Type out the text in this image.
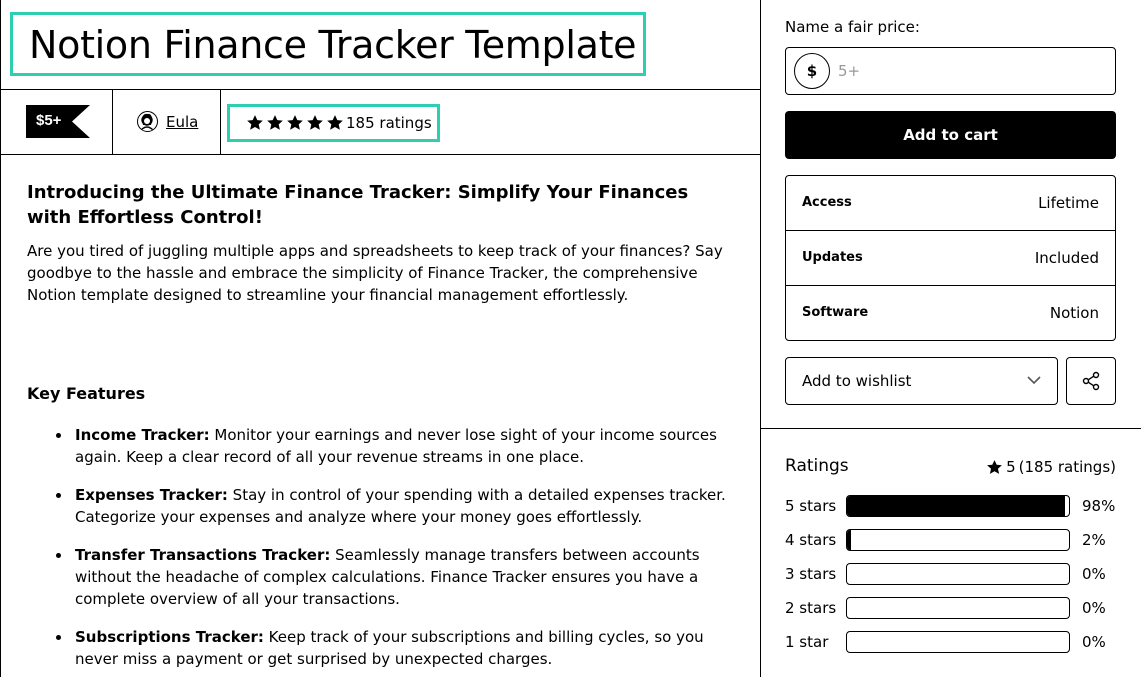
Notion Finance Tracker Template
$5+	Eula	185 ratings
Introducing the Ultimate Finance Tracker: Simplify Your Finances with Effortless Control!

Are you tired of juggling multiple apps and spreadsheets to keep track of your finances? Say goodbye to the hassle and embrace the simplicity of Finance Tracker, the comprehensive Notion template designed to streamline your financial management effortlessly.

Key Features
Income Tracker: Monitor your earnings and never lose sight of your income sources again. Keep a clear record of all your revenue streams in one place.
Expenses Tracker: Stay in control of your spending with a detailed expenses tracker. Categorize your expenses and analyze where your money goes effortlessly.
Transfer Transactions Tracker: Seamlessly manage transfers between accounts without the headache of complex calculations. Finance Tracker ensures you have a complete overview of all your transactions.
Subscriptions Tracker: Keep track of your subscriptions and billing cycles, so you never miss a payment or get surprised by unexpected charges.
Name a fair price:
$
5+
Add to cart
Access	Lifetime
Updates	Included
Software	Notion
Add to wishlist
Ratings	5 (185 ratings)
5 stars	98%
4 stars	2%
3 stars	0%
2 stars	0%
1 star	0%
